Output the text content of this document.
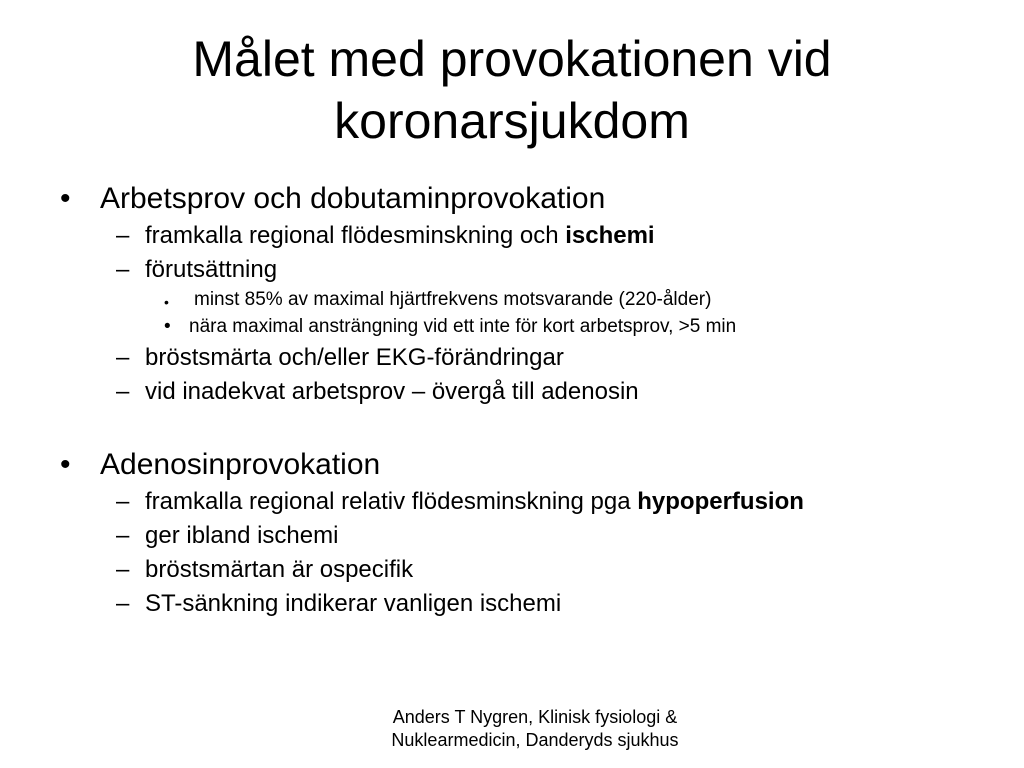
Målet med provokationen vid
koronarsjukdom
• Arbetsprov och dobutaminprovokation
– framkalla regional flödesminskning och ischemi
– förutsättning
• minst 85% av maximal hjärtfrekvens motsvarande (220-ålder)
• nära maximal ansträngning vid ett inte för kort arbetsprov, >5 min
– bröstsmärta och/eller EKG-förändringar
– vid inadekvat arbetsprov – övergå till adenosin
• Adenosinprovokation
– framkalla regional relativ flödesminskning pga hypoperfusion
– ger ibland ischemi
– bröstsmärtan är ospecifik
– ST-sänkning indikerar vanligen ischemi
Anders T Nygren, Klinisk fysiologi &
Nuklearmedicin, Danderyds sjukhus
